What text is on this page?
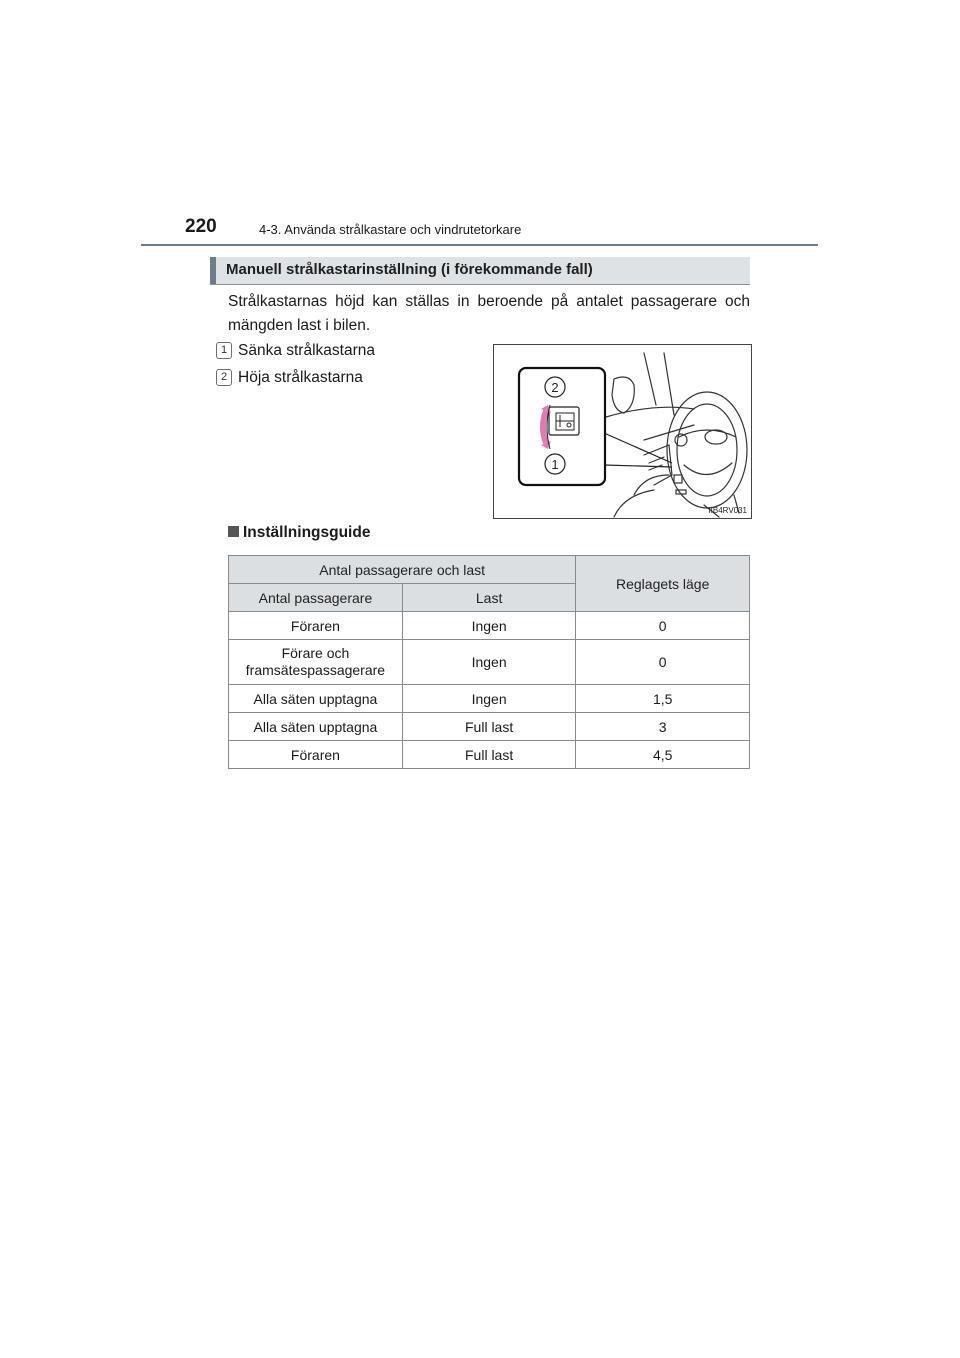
220	4-3. Använda strålkastare och vindrutetorkare
Manuell strålkastarinställning (i förekommande fall)
Strålkastarnas höjd kan ställas in beroende på antalet passagerare och mängden last i bilen.
1 Sänka strålkastarna
2 Höja strålkastarna
2
1
IIB4RV031
Inställningsguide
Antal passagerare och last		Reglagets läge
Antal passagerare	Last	
Föraren	Ingen	0
Förare och
framsätespassagerare	Ingen	0
Alla säten upptagna	Ingen	1,5
Alla säten upptagna	Full last	3
Föraren	Full last	4,5
